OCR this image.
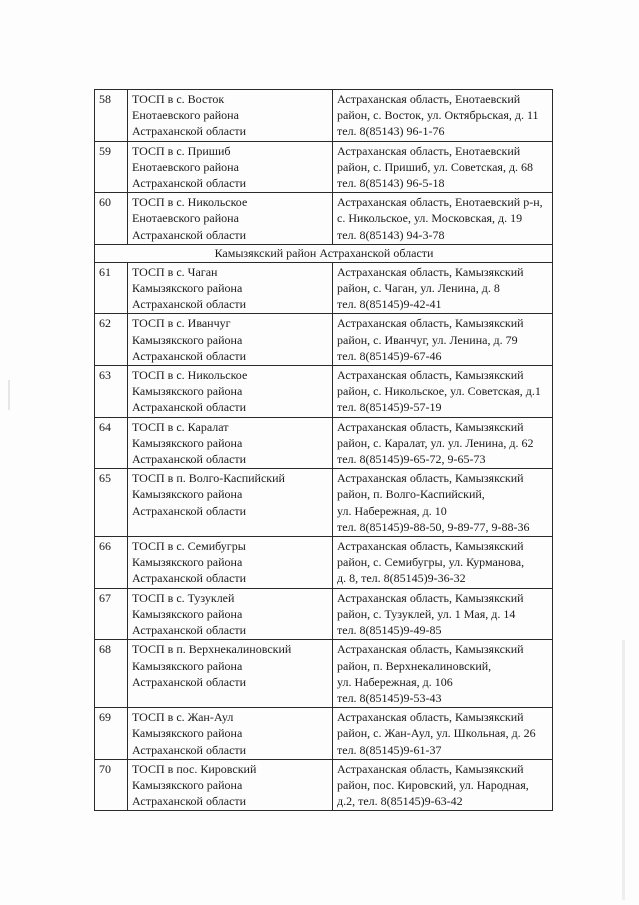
58	ТОСП в с. Восток
Енотаевского района
Астраханской области	Астраханская область, Енотаевский
район, с. Восток, ул. Октябрьская, д. 11
тел. 8(85143) 96-1-76

59	ТОСП в с. Пришиб
Енотаевского района
Астраханской области	Астраханская область, Енотаевский
район, с. Пришиб, ул. Советская, д. 68
тел. 8(85143) 96-5-18

60	ТОСП в с. Никольское
Енотаевского района
Астраханской области	Астраханская область, Енотаевский р-н,
с. Никольское, ул. Московская, д. 19
тел. 8(85143) 94-3-78

Камызякский район Астраханской области		
61	ТОСП в с. Чаган
Камызякского района
Астраханской области	Астраханская область, Камызякский
район, с. Чаган, ул. Ленина, д. 8
тел. 8(85145)9-42-41

62	ТОСП в с. Иванчуг
Камызякского района
Астраханской области	Астраханская область, Камызякский
район, с. Иванчуг, ул. Ленина, д. 79
тел. 8(85145)9-67-46

63	ТОСП в с. Никольское
Камызякского района
Астраханской области	Астраханская область, Камызякский
район, с. Никольское, ул. Советская, д.1
тел. 8(85145)9-57-19

64	ТОСП в с. Каралат
Камызякского района
Астраханской области	Астраханская область, Камызякский
район, с. Каралат, ул. ул. Ленина, д. 62
тел. 8(85145)9-65-72, 9-65-73

65	ТОСП в п. Волго-Каспийский
Камызякского района
Астраханской области	Астраханская область, Камызякский
район, п. Волго-Каспийский,
ул. Набережная, д. 10
тел. 8(85145)9-88-50, 9-89-77, 9-88-36

66	ТОСП в с. Семибугры
Камызякского района
Астраханской области	Астраханская область, Камызякский
район, с. Семибугры, ул. Курманова,
д. 8, тел. 8(85145)9-36-32

67	ТОСП в с. Тузуклей
Камызякского района
Астраханской области	Астраханская область, Камызякский
район, с. Тузуклей, ул. 1 Мая, д. 14
тел. 8(85145)9-49-85

68	ТОСП в п. Верхнекалиновский
Камызякского района
Астраханской области	Астраханская область, Камызякский
район, п. Верхнекалиновский,
ул. Набережная, д. 106
тел. 8(85145)9-53-43

69	ТОСП в с. Жан-Аул
Камызякского района
Астраханской области	Астраханская область, Камызякский
район, с. Жан-Аул, ул. Школьная, д. 26
тел. 8(85145)9-61-37

70	ТОСП в пос. Кировский
Камызякского района
Астраханской области	Астраханская область, Камызякский
район, пос. Кировский, ул. Народная,
д.2, тел. 8(85145)9-63-42
